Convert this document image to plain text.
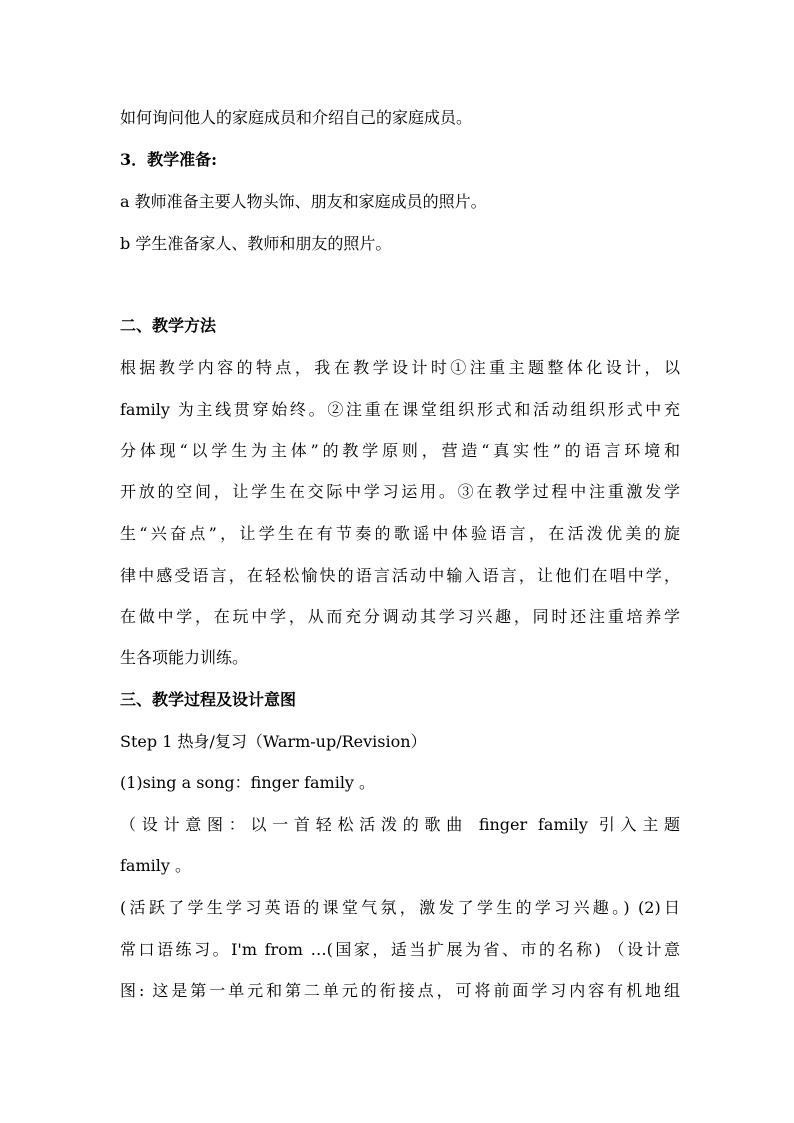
如何询问他人的家庭成员和介绍自己的家庭成员。
3．教学准备:
a 教师准备主要人物头饰、朋友和家庭成员的照片。
b 学生准备家人、教师和朋友的照片。
二、教学方法
根据教学内容的特点，我在教学设计时①注重主题整体化设计，以
family 为主线贯穿始终。②注重在课堂组织形式和活动组织形式中充
分体现“以学生为主体”的教学原则，营造“真实性”的语言环境和
开放的空间，让学生在交际中学习运用。③在教学过程中注重激发学
生“兴奋点”，让学生在有节奏的歌谣中体验语言，在活泼优美的旋
律中感受语言，在轻松愉快的语言活动中输入语言，让他们在唱中学，
在做中学，在玩中学，从而充分调动其学习兴趣，同时还注重培养学
生各项能力训练。
三、教学过程及设计意图
Step 1 热身/复习（Warm-up/Revision）
(1)sing a song：finger family 。
（设计意图：以一首轻松活泼的歌曲 finger family 引入主题
family 。
(活跃了学生学习英语的课堂气氛，激发了学生的学习兴趣。) (2)日
常口语练习。I'm from …(国家，适当扩展为省、市的名称) （设计意
图: 这是第一单元和第二单元的衔接点，可将前面学习内容有机地组
